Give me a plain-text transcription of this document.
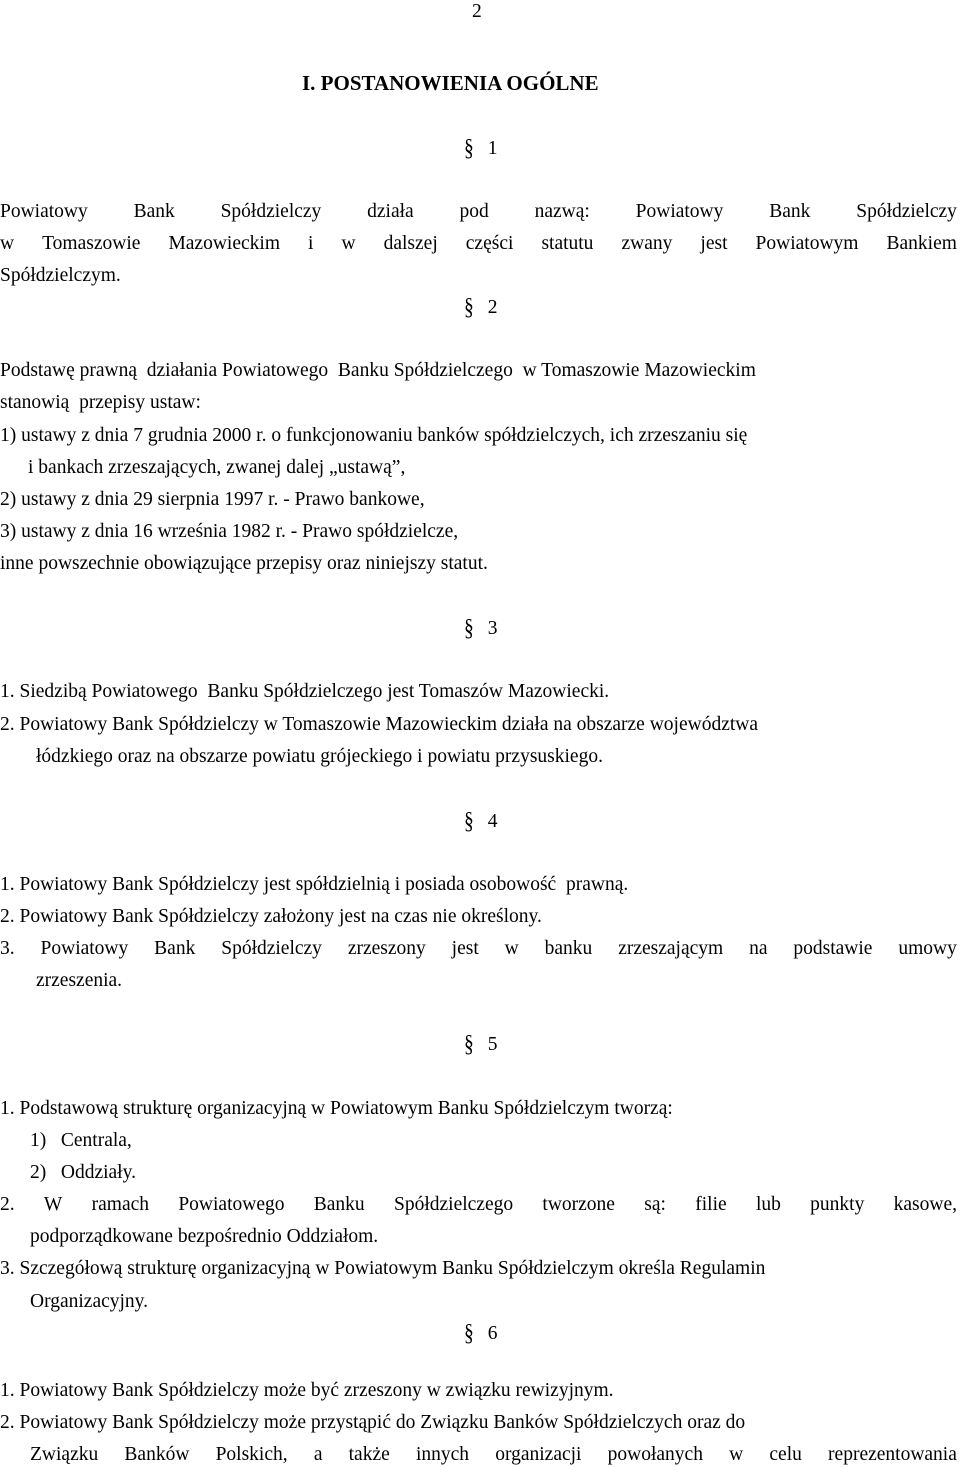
2
I. POSTANOWIENIA OGÓLNE
§ 1
Powiatowy Bank Spółdzielczy działa pod nazwą: Powiatowy Bank Spółdzielczy
w Tomaszowie Mazowieckim i w dalszej części statutu zwany jest Powiatowym Bankiem
Spółdzielczym.
§ 2
Podstawę prawną  działania Powiatowego  Banku Spółdzielczego  w Tomaszowie Mazowieckim
stanowią  przepisy ustaw:
1) ustawy z dnia 7 grudnia 2000 r. o funkcjonowaniu banków spółdzielczych, ich zrzeszaniu się
i bankach zrzeszających, zwanej dalej „ustawą”,
2) ustawy z dnia 29 sierpnia 1997 r. - Prawo bankowe,
3) ustawy z dnia 16 września 1982 r. - Prawo spółdzielcze,
inne powszechnie obowiązujące przepisy oraz niniejszy statut.
§ 3
1. Siedzibą Powiatowego  Banku Spółdzielczego jest Tomaszów Mazowiecki.
2. Powiatowy Bank Spółdzielczy w Tomaszowie Mazowieckim działa na obszarze województwa
łódzkiego oraz na obszarze powiatu grójeckiego i powiatu przysuskiego.
§ 4
1. Powiatowy Bank Spółdzielczy jest spółdzielnią i posiada osobowość  prawną.
2. Powiatowy Bank Spółdzielczy założony jest na czas nie określony.
3. Powiatowy Bank Spółdzielczy zrzeszony jest w banku zrzeszającym na podstawie umowy
zrzeszenia.
§ 5
1. Podstawową strukturę organizacyjną w Powiatowym Banku Spółdzielczym tworzą:
1)   Centrala,
2)   Oddziały.
2. W ramach Powiatowego Banku Spółdzielczego tworzone są: filie lub punkty kasowe,
podporządkowane bezpośrednio Oddziałom.
3. Szczegółową strukturę organizacyjną w Powiatowym Banku Spółdzielczym określa Regulamin
Organizacyjny.
§ 6
1. Powiatowy Bank Spółdzielczy może być zrzeszony w związku rewizyjnym.
2. Powiatowy Bank Spółdzielczy może przystąpić do Związku Banków Spółdzielczych oraz do
Związku Banków Polskich, a także innych organizacji powołanych w celu reprezentowania
